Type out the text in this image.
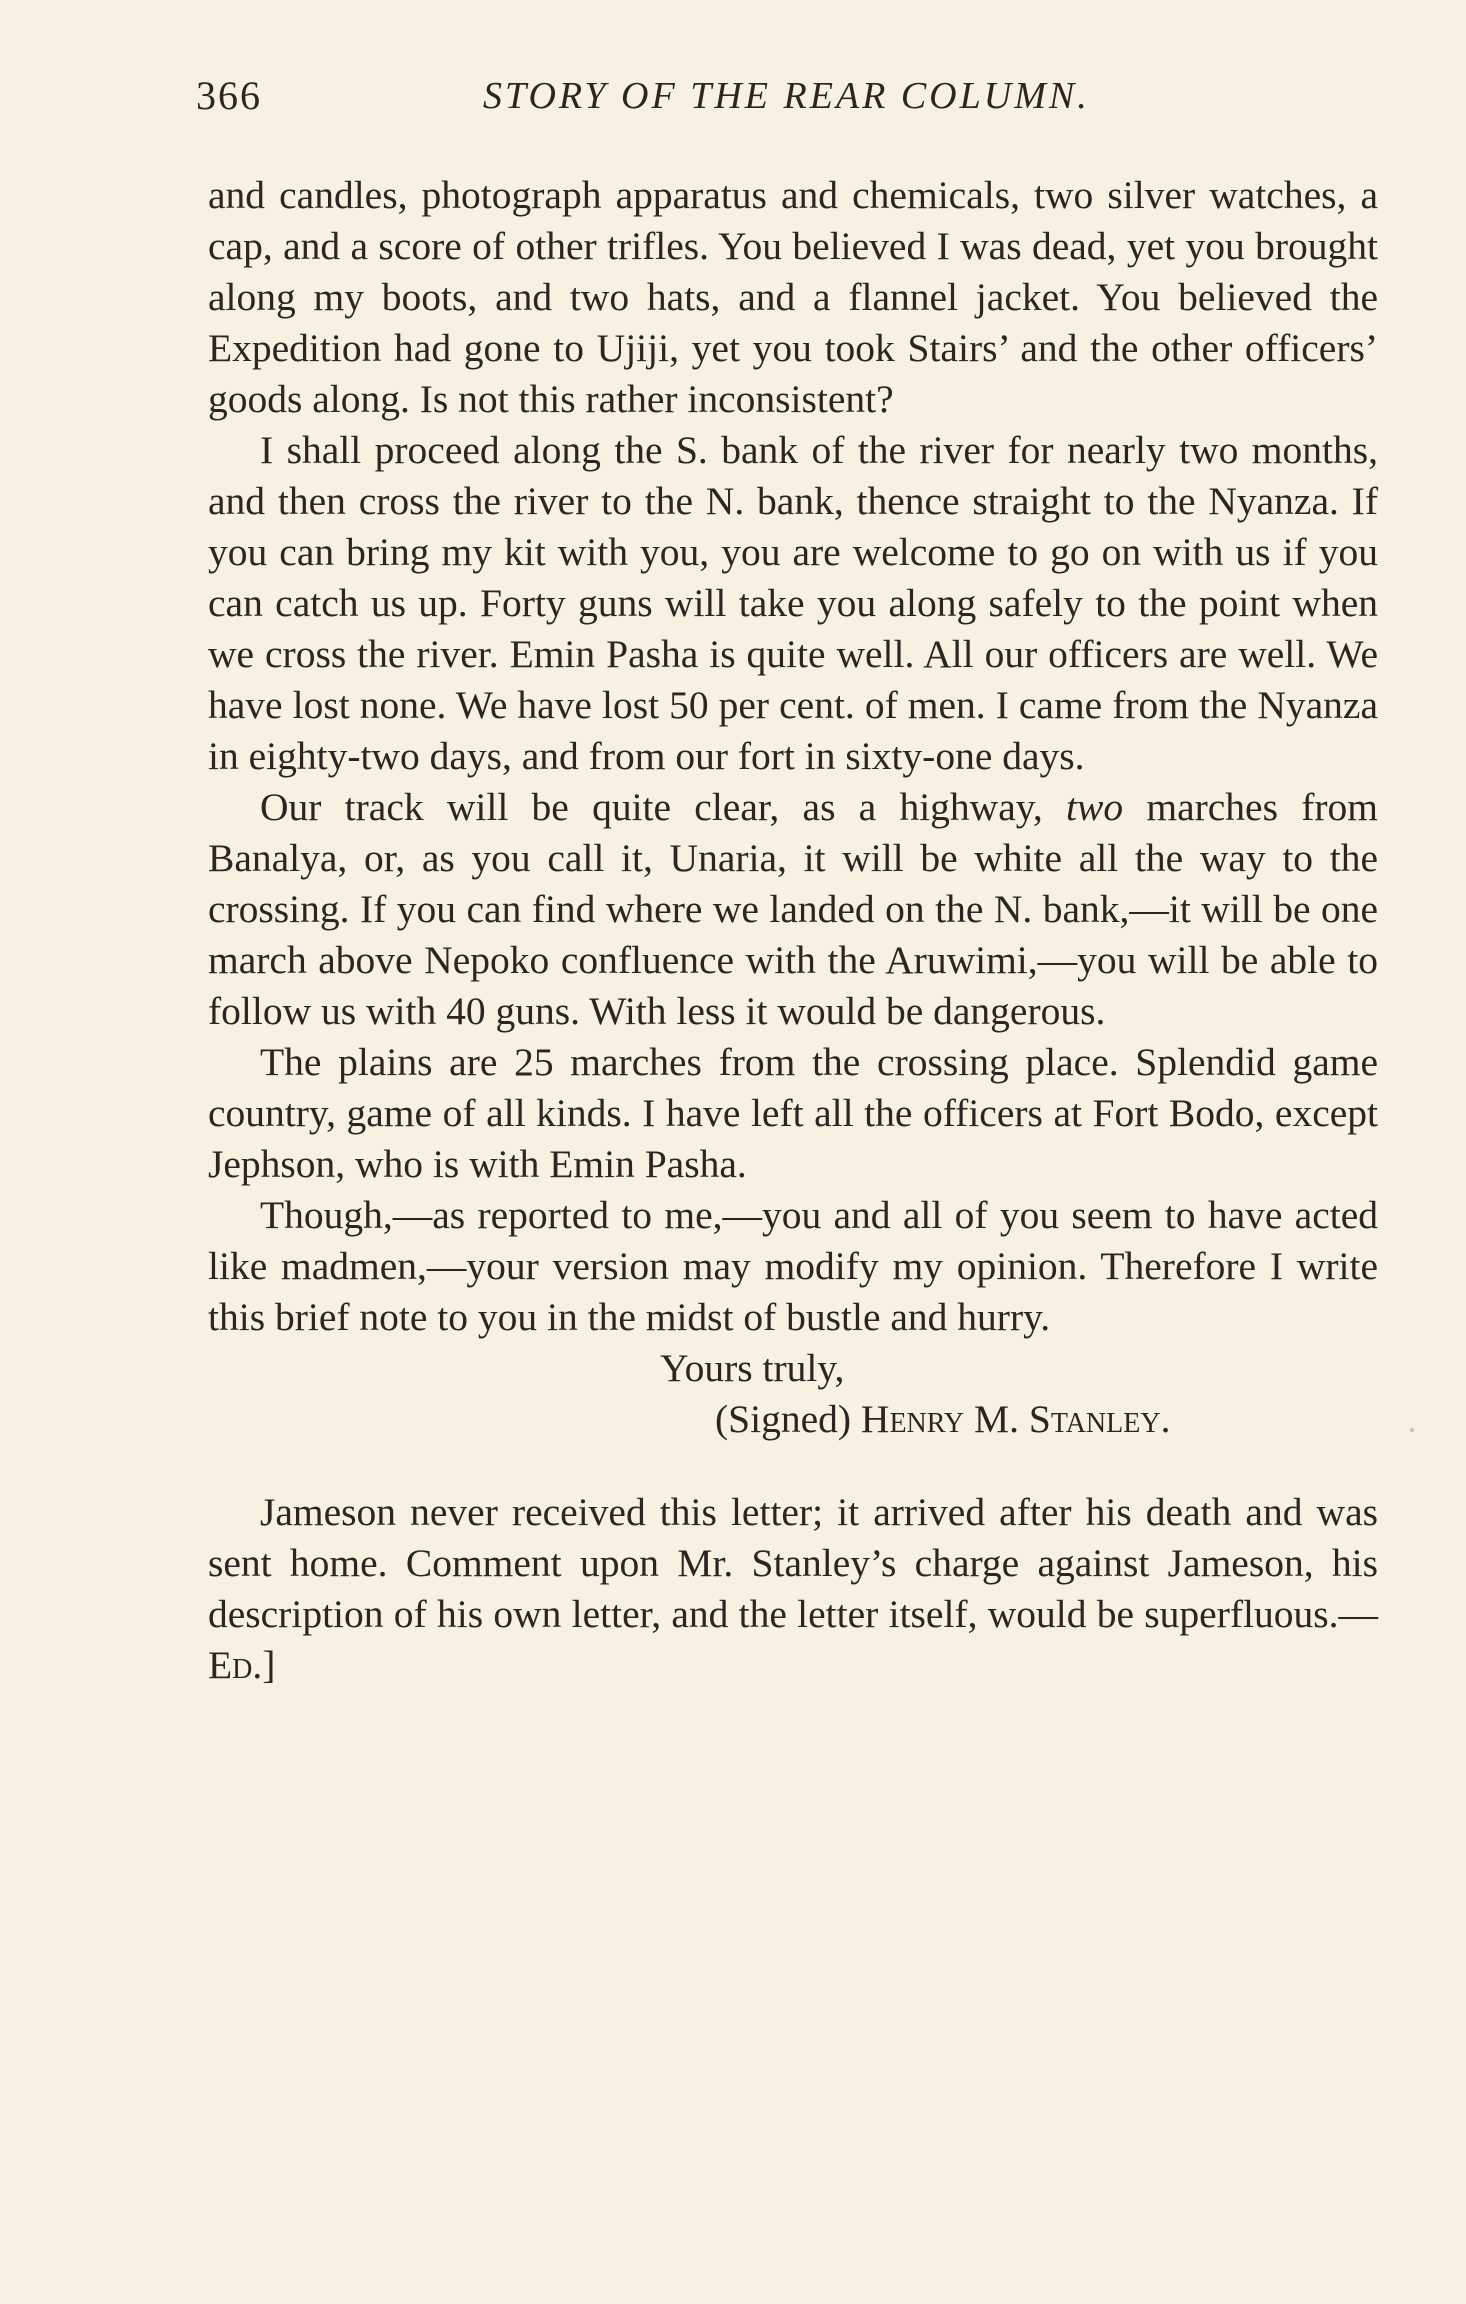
366	STORY OF THE REAR COLUMN.

and candles, photograph apparatus and chemicals, two silver watches, a cap, and a score of other trifles. You believed I was dead, yet you brought along my boots, and two hats, and a flannel jacket. You believed the Expedition had gone to Ujiji, yet you took Stairs’ and the other officers’ goods along. Is not this rather inconsistent?

I shall proceed along the S. bank of the river for nearly two months, and then cross the river to the N. bank, thence straight to the Nyanza. If you can bring my kit with you, you are welcome to go on with us if you can catch us up. Forty guns will take you along safely to the point when we cross the river. Emin Pasha is quite well. All our officers are well. We have lost none. We have lost 50 per cent. of men. I came from the Nyanza in eighty-two days, and from our fort in sixty-one days.

Our track will be quite clear, as a highway, two marches from Banalya, or, as you call it, Unaria, it will be white all the way to the crossing. If you can find where we landed on the N. bank,—it will be one march above Nepoko confluence with the Aruwimi,—you will be able to follow us with 40 guns. With less it would be dangerous.

The plains are 25 marches from the crossing place. Splendid game country, game of all kinds. I have left all the officers at Fort Bodo, except Jephson, who is with Emin Pasha.

Though,—as reported to me,—you and all of you seem to have acted like madmen,—your version may modify my opinion. Therefore I write this brief note to you in the midst of bustle and hurry.

Yours truly,

(Signed) Henry M. Stanley.

Jameson never received this letter; it arrived after his death and was sent home. Comment upon Mr. Stanley’s charge against Jameson, his description of his own letter, and the letter itself, would be superfluous.—Ed.]
